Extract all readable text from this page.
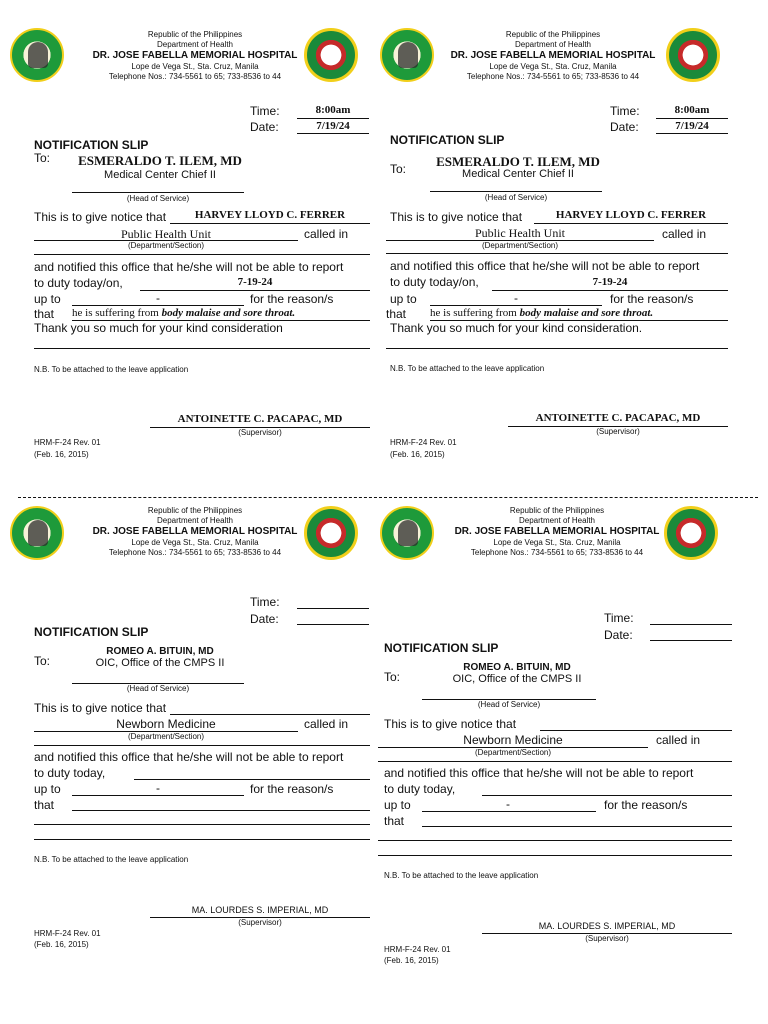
Republic of the Philippines
Department of Health
DR. JOSE FABELLA MEMORIAL HOSPITAL
Lope de Vega St., Sta. Cruz, Manila
Telephone Nos.: 734-5561 to 65; 733-8536 to 44
Time:	8:00am
Date:	7/19/24
NOTIFICATION SLIP
To:	ESMERALDO T. ILEM, MD
Medical Center Chief II
(Head of Service)
This is to give notice that	HARVEY LLOYD C. FERRER
Public Health Unit	called in
(Department/Section)
and notified this office that he/she will not be able to report
to duty today/on,	7-19-24
up to	-	for the reason/s
that he is suffering from body malaise and sore throat.
Thank you so much for your kind consideration
N.B. To be attached to the leave application
ANTOINETTE C. PACAPAC, MD
(Supervisor)
HRM-F-24 Rev. 01
(Feb. 16, 2015)
Republic of the Philippines
Department of Health
DR. JOSE FABELLA MEMORIAL HOSPITAL
Lope de Vega St., Sta. Cruz, Manila
Telephone Nos.: 734-5561 to 65; 733-8536 to 44
Time:	8:00am
Date:	7/19/24
NOTIFICATION SLIP
To:	ESMERALDO T. ILEM, MD
Medical Center Chief II
(Head of Service)
This is to give notice that	HARVEY LLOYD C. FERRER
Public Health Unit	called in
(Department/Section)
and notified this office that he/she will not be able to report
to duty today/on,	7-19-24
up to	-	for the reason/s
that he is suffering from body malaise and sore throat.
Thank you so much for your kind consideration.
N.B. To be attached to the leave application
ANTOINETTE C. PACAPAC, MD
(Supervisor)
HRM-F-24 Rev. 01
(Feb. 16, 2015)
Republic of the Philippines
Department of Health
DR. JOSE FABELLA MEMORIAL HOSPITAL
Lope de Vega St., Sta. Cruz, Manila
Telephone Nos.: 734-5561 to 65; 733-8536 to 44
Time:
Date:
NOTIFICATION SLIP
To:
ROMEO A. BITUIN, MD
OIC, Office of the CMPS II
(Head of Service)
This is to give notice that
Newborn Medicine	called in
(Department/Section)
and notified this office that he/she will not be able to report
to duty today,
up to	-	for the reason/s
that
N.B. To be attached to the leave application
MA. LOURDES S. IMPERIAL, MD
(Supervisor)
HRM-F-24 Rev. 01
(Feb. 16, 2015)
Republic of the Philippines
Department of Health
DR. JOSE FABELLA MEMORIAL HOSPITAL
Lope de Vega St., Sta. Cruz, Manila
Telephone Nos.: 734-5561 to 65; 733-8536 to 44
Time:
Date:
NOTIFICATION SLIP
To:
ROMEO A. BITUIN, MD
OIC, Office of the CMPS II
(Head of Service)
This is to give notice that
Newborn Medicine	called in
(Department/Section)
and notified this office that he/she will not be able to report
to duty today,
up to	-	for the reason/s
that
N.B. To be attached to the leave application
MA. LOURDES S. IMPERIAL, MD
(Supervisor)
HRM-F-24 Rev. 01
(Feb. 16, 2015)
